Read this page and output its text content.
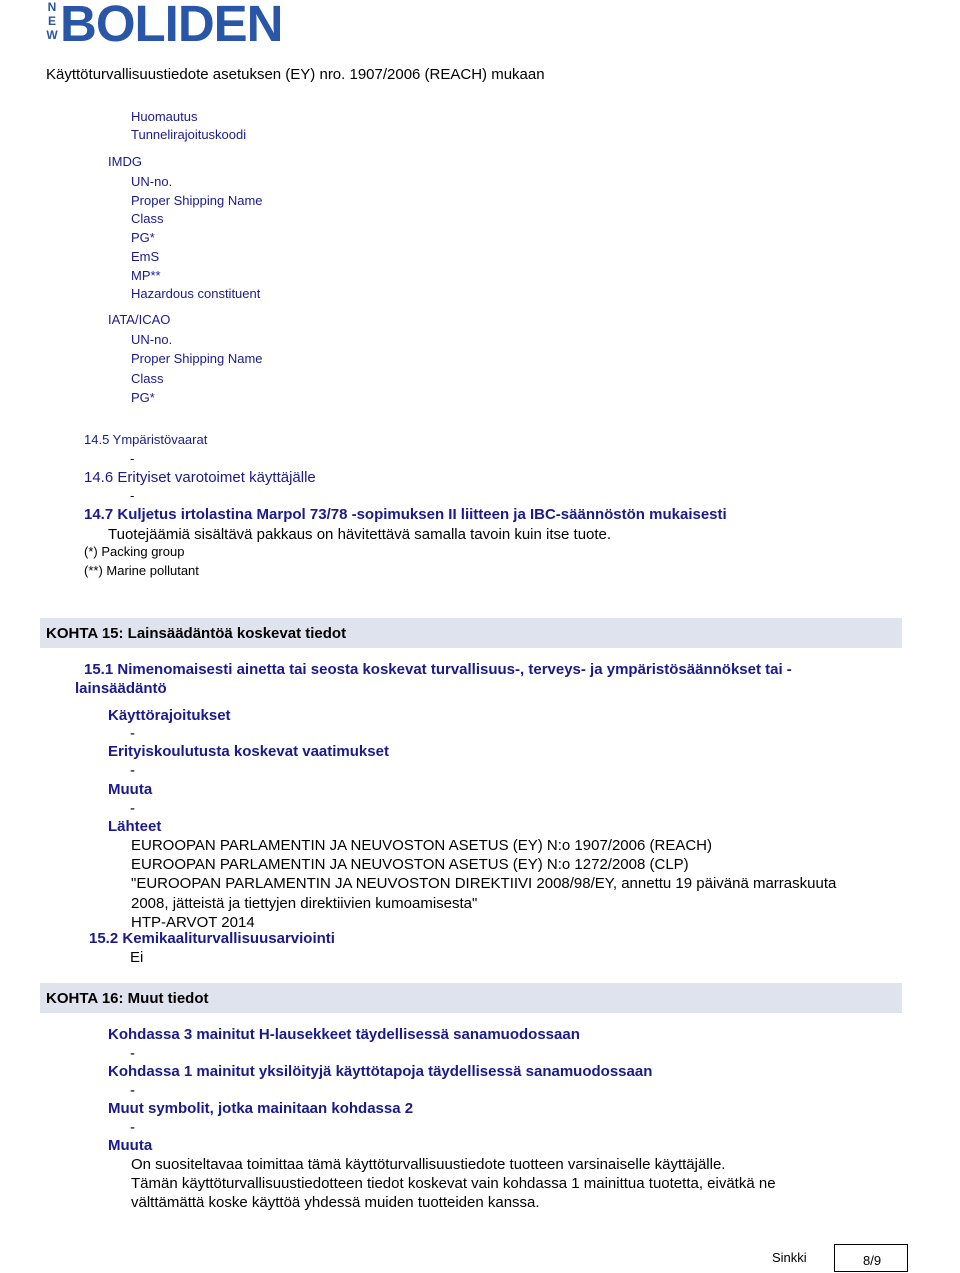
N
E
W BOLIDEN
Käyttöturvallisuustiedote asetuksen (EY) nro. 1907/2006 (REACH) mukaan
Huomautus
Tunnelirajoituskoodi
IMDG
UN-no.
Proper Shipping Name
Class
PG*
EmS
MP**
Hazardous constituent
IATA/ICAO
UN-no.
Proper Shipping Name
Class
PG*
14.5 Ympäristövaarat
-
14.6 Erityiset varotoimet käyttäjälle
-
14.7 Kuljetus irtolastina Marpol 73/78 -sopimuksen II liitteen ja IBC-säännöstön mukaisesti
Tuotejäämiä sisältävä pakkaus on hävitettävä samalla tavoin kuin itse tuote.
(*) Packing group
(**) Marine pollutant
KOHTA 15: Lainsäädäntöä koskevat tiedot
15.1 Nimenomaisesti ainetta tai seosta koskevat turvallisuus-, terveys- ja ympäristösäännökset tai -
lainsäädäntö
Käyttörajoitukset
-
Erityiskoulutusta koskevat vaatimukset
-
Muuta
-
Lähteet
EUROOPAN PARLAMENTIN JA NEUVOSTON ASETUS (EY) N:o 1907/2006 (REACH)
EUROOPAN PARLAMENTIN JA NEUVOSTON ASETUS (EY) N:o 1272/2008 (CLP)
"EUROOPAN PARLAMENTIN JA NEUVOSTON DIREKTIIVI 2008/98/EY, annettu 19 päivänä marraskuuta
2008, jätteistä ja tiettyjen direktiivien kumoamisesta"
HTP-ARVOT 2014
15.2 Kemikaaliturvallisuusarviointi
Ei
KOHTA 16: Muut tiedot
Kohdassa 3 mainitut H-lausekkeet täydellisessä sanamuodossaan
-
Kohdassa 1 mainitut yksilöityjä käyttötapoja täydellisessä sanamuodossaan
-
Muut symbolit, jotka mainitaan kohdassa 2
-
Muuta
On suositeltavaa toimittaa tämä käyttöturvallisuustiedote tuotteen varsinaiselle käyttäjälle.
Tämän käyttöturvallisuustiedotteen tiedot koskevat vain kohdassa 1 mainittua tuotetta, eivätkä ne
välttämättä koske käyttöä yhdessä muiden tuotteiden kanssa.
Sinkki	8/9
